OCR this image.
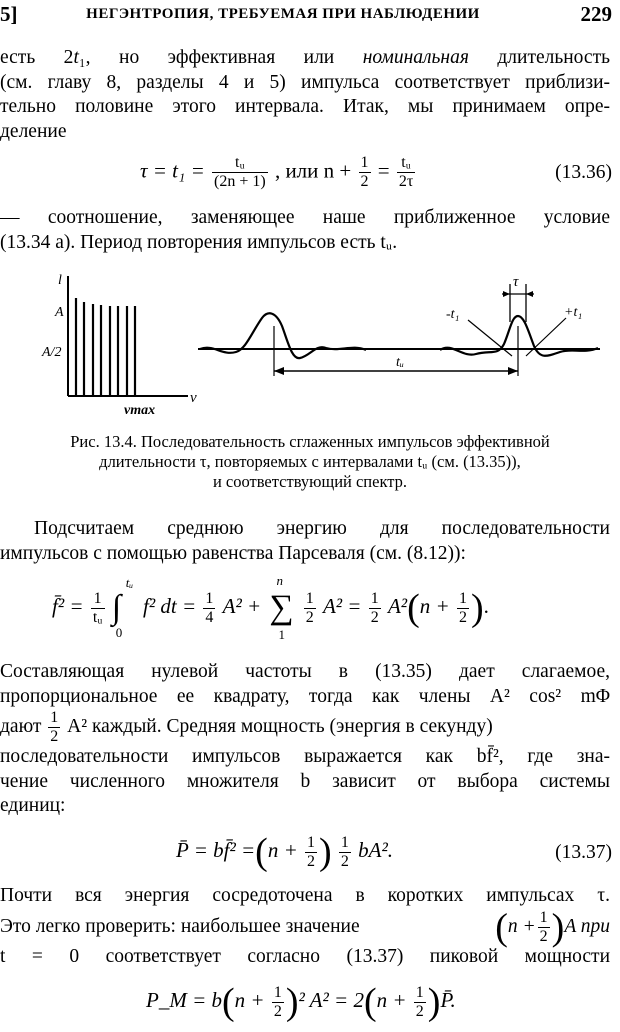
5]	НЕГЭНТРОПИЯ, ТРЕБУЕМАЯ ПРИ НАБЛЮДЕНИИ	229

есть 2t₁, но эффективная или номинальная длительность
(см. главу 8, разделы 4 и 5) импульса соответствует приблизи-
тельно половине этого интервала. Итак, мы принимаем опре-
деление

$\tau = t_1 = \frac{\text{tᵤ}}{(2n + 1)}$ , или $n + \frac{1}{2} = \frac{\text{tᵤ}}{2\tau}$	(13.36)

— соотношение, заменяющее наше приближенное условие
(13.34 а). Период повторения импульсов есть tᵤ.

l
A
A/2
νmax
ν
τ
-t₁	+t₁
tᵤ
Рис. 13.4. Последовательность сглаженных импульсов эффективной
длительности τ, повторяемых с интервалами tᵤ (см. (13.35)),
и соответствующий спектр.

Подсчитаем среднюю энергию для последовательности
импульсов с помощью равенства Парсеваля (см. (8.12)):

f̄² = $\frac{1}{\text{tᵤ}}$ ∫
tᵤ
0
f² dt = $\frac{1}{4} A^2$ + ∑
n
1

$\frac{1}{2} A^2 = \frac{1}{2} A^2(n + \frac{1}{2}$ ).

Составляющая нулевой частоты в (13.35) дает слагаемое,
пропорциональное ее квадрату, тогда как члены A² cos² mΦ
дают $\frac{1}{2} A^2$ каждый. Средняя мощность (энергия в секунду)
последовательности импульсов выражается как bf̄², где зна-
чение численного множителя b зависит от выбора системы
единиц:

P̄ = bf̄² $=(n + \frac{1}{2}$ ) $\frac{1}{2} bA^2$.	(13.37)

Почти вся энергия сосредоточена в коротких импульсах τ.
Это легко проверить: наибольшее значение	$(n + \frac{1}{2} )A$ при
t = 0 соответствует согласно (13.37) пиковой мощности

P_M = $b(n + \frac{1}{2} )^2$ $A^2 = 2(n + \frac{1}{2}$ )P̄.
